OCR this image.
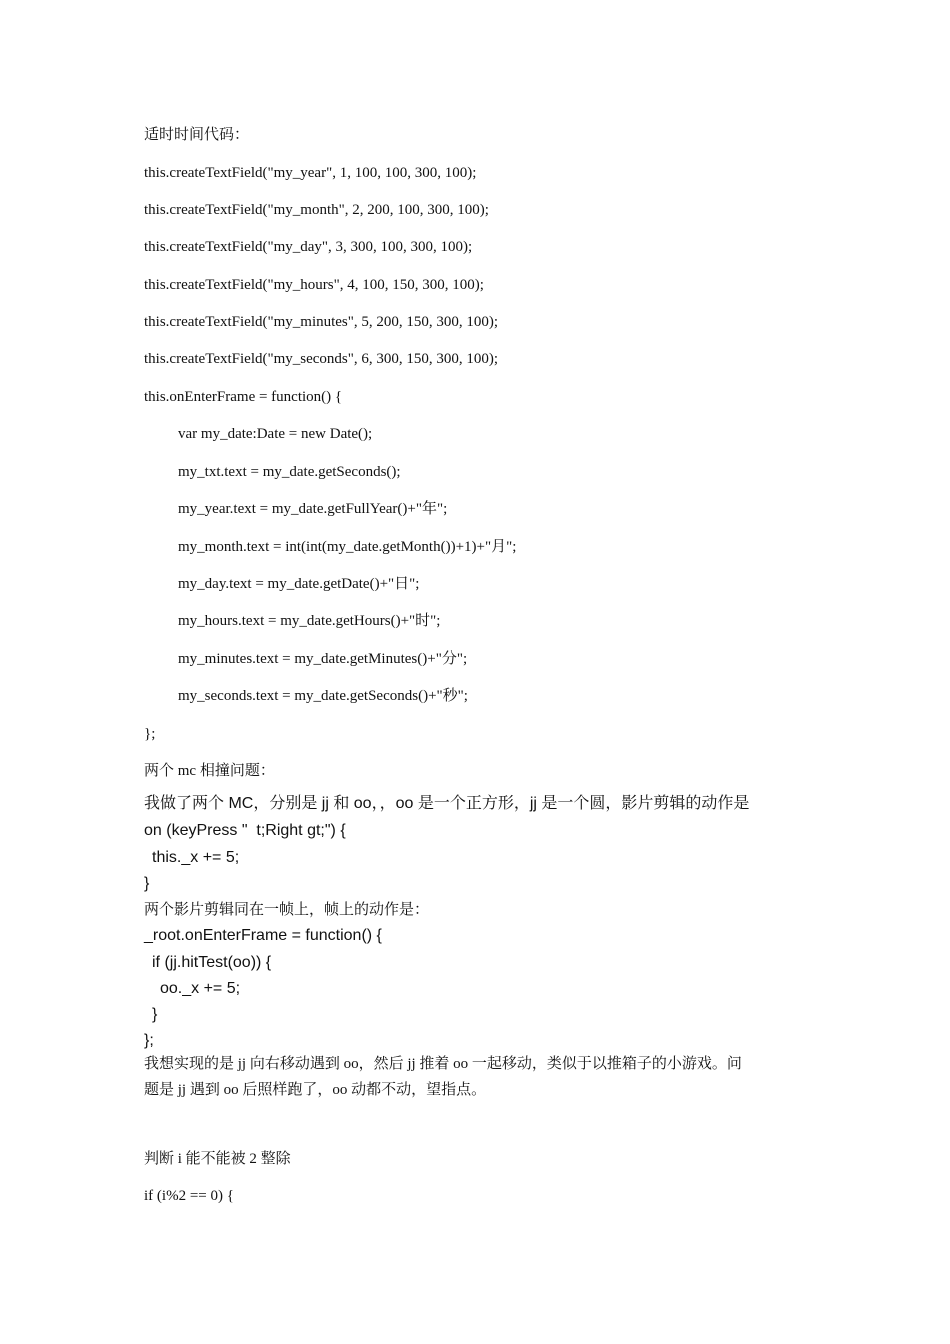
适时时间代码：
this.createTextField("my_year", 1, 100, 100, 300, 100);
this.createTextField("my_month", 2, 200, 100, 300, 100);
this.createTextField("my_day", 3, 300, 100, 300, 100);
this.createTextField("my_hours", 4, 100, 150, 300, 100);
this.createTextField("my_minutes", 5, 200, 150, 300, 100);
this.createTextField("my_seconds", 6, 300, 150, 300, 100);
this.onEnterFrame = function() {
var my_date:Date = new Date();
my_txt.text = my_date.getSeconds();
my_year.text = my_date.getFullYear()+"年";
my_month.text = int(int(my_date.getMonth())+1)+"月";
my_day.text = my_date.getDate()+"日";
my_hours.text = my_date.getHours()+"时";
my_minutes.text = my_date.getMinutes()+"分";
my_seconds.text = my_date.getSeconds()+"秒";
};
两个 mc 相撞问题：
我做了两个 MC，分别是 jj 和 oo，，oo 是一个正方形，jj 是一个圆，影片剪辑的动作是
on (keyPress "  t;Right gt;") {
this._x += 5;
}
两个影片剪辑同在一帧上，帧上的动作是：
_root.onEnterFrame = function() {
if (jj.hitTest(oo)) {
oo._x += 5;
}
};
我想实现的是 jj 向右移动遇到 oo，然后 jj 推着 oo 一起移动，类似于以推箱子的小游戏。问
题是 jj 遇到 oo 后照样跑了，oo 动都不动，望指点。
判断 i 能不能被 2 整除
if (i%2 == 0) {
